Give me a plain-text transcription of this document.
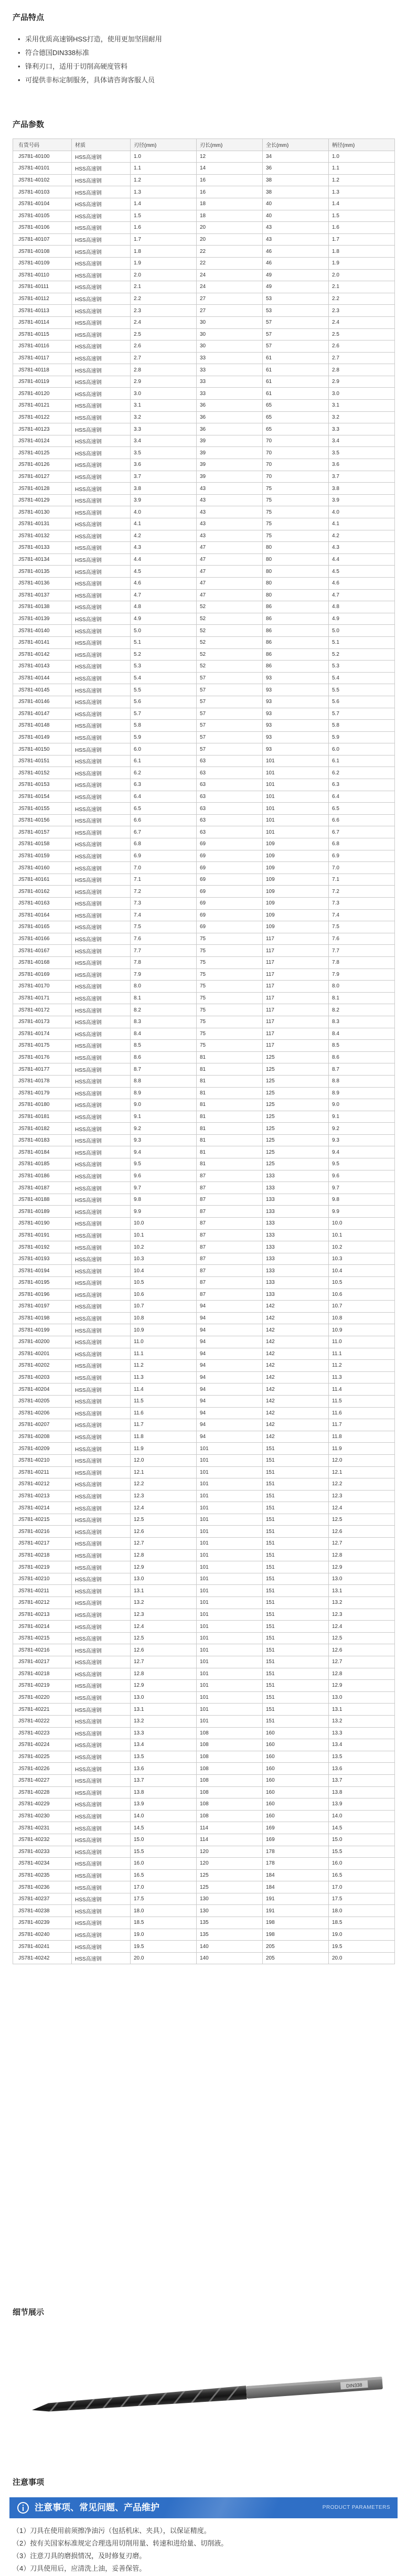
产品特点
• 采用优质高速钢HSS打造，使用更加坚固耐用
• 符合德国DIN338标准
• 锋利刃口，适用于切削高硬度管料
• 可提供非标定制服务，具体请咨询客服人员
产品参数
有货号码	材质	刃径(mm)	刃长(mm)	全长(mm)	柄径(mm)
JS781-40100	HSS高速钢	1.0	12	34	1.0
JS781-40101	HSS高速钢	1.1	14	36	1.1
JS781-40102	HSS高速钢	1.2	16	38	1.2
JS781-40103	HSS高速钢	1.3	16	38	1.3
JS781-40104	HSS高速钢	1.4	18	40	1.4
JS781-40105	HSS高速钢	1.5	18	40	1.5
JS781-40106	HSS高速钢	1.6	20	43	1.6
JS781-40107	HSS高速钢	1.7	20	43	1.7
JS781-40108	HSS高速钢	1.8	22	46	1.8
JS781-40109	HSS高速钢	1.9	22	46	1.9
JS781-40110	HSS高速钢	2.0	24	49	2.0
JS781-40111	HSS高速钢	2.1	24	49	2.1
JS781-40112	HSS高速钢	2.2	27	53	2.2
JS781-40113	HSS高速钢	2.3	27	53	2.3
JS781-40114	HSS高速钢	2.4	30	57	2.4
JS781-40115	HSS高速钢	2.5	30	57	2.5
JS781-40116	HSS高速钢	2.6	30	57	2.6
JS781-40117	HSS高速钢	2.7	33	61	2.7
JS781-40118	HSS高速钢	2.8	33	61	2.8
JS781-40119	HSS高速钢	2.9	33	61	2.9
JS781-40120	HSS高速钢	3.0	33	61	3.0
JS781-40121	HSS高速钢	3.1	36	65	3.1
JS781-40122	HSS高速钢	3.2	36	65	3.2
JS781-40123	HSS高速钢	3.3	36	65	3.3
JS781-40124	HSS高速钢	3.4	39	70	3.4
JS781-40125	HSS高速钢	3.5	39	70	3.5
JS781-40126	HSS高速钢	3.6	39	70	3.6
JS781-40127	HSS高速钢	3.7	39	70	3.7
JS781-40128	HSS高速钢	3.8	43	75	3.8
JS781-40129	HSS高速钢	3.9	43	75	3.9
JS781-40130	HSS高速钢	4.0	43	75	4.0
JS781-40131	HSS高速钢	4.1	43	75	4.1
JS781-40132	HSS高速钢	4.2	43	75	4.2
JS781-40133	HSS高速钢	4.3	47	80	4.3
JS781-40134	HSS高速钢	4.4	47	80	4.4
JS781-40135	HSS高速钢	4.5	47	80	4.5
JS781-40136	HSS高速钢	4.6	47	80	4.6
JS781-40137	HSS高速钢	4.7	47	80	4.7
JS781-40138	HSS高速钢	4.8	52	86	4.8
JS781-40139	HSS高速钢	4.9	52	86	4.9
JS781-40140	HSS高速钢	5.0	52	86	5.0
JS781-40141	HSS高速钢	5.1	52	86	5.1
JS781-40142	HSS高速钢	5.2	52	86	5.2
JS781-40143	HSS高速钢	5.3	52	86	5.3
JS781-40144	HSS高速钢	5.4	57	93	5.4
JS781-40145	HSS高速钢	5.5	57	93	5.5
JS781-40146	HSS高速钢	5.6	57	93	5.6
JS781-40147	HSS高速钢	5.7	57	93	5.7
JS781-40148	HSS高速钢	5.8	57	93	5.8
JS781-40149	HSS高速钢	5.9	57	93	5.9
JS781-40150	HSS高速钢	6.0	57	93	6.0
JS781-40151	HSS高速钢	6.1	63	101	6.1
JS781-40152	HSS高速钢	6.2	63	101	6.2
JS781-40153	HSS高速钢	6.3	63	101	6.3
JS781-40154	HSS高速钢	6.4	63	101	6.4
JS781-40155	HSS高速钢	6.5	63	101	6.5
JS781-40156	HSS高速钢	6.6	63	101	6.6
JS781-40157	HSS高速钢	6.7	63	101	6.7
JS781-40158	HSS高速钢	6.8	69	109	6.8
JS781-40159	HSS高速钢	6.9	69	109	6.9
JS781-40160	HSS高速钢	7.0	69	109	7.0
JS781-40161	HSS高速钢	7.1	69	109	7.1
JS781-40162	HSS高速钢	7.2	69	109	7.2
JS781-40163	HSS高速钢	7.3	69	109	7.3
JS781-40164	HSS高速钢	7.4	69	109	7.4
JS781-40165	HSS高速钢	7.5	69	109	7.5
JS781-40166	HSS高速钢	7.6	75	117	7.6
JS781-40167	HSS高速钢	7.7	75	117	7.7
JS781-40168	HSS高速钢	7.8	75	117	7.8
JS781-40169	HSS高速钢	7.9	75	117	7.9
JS781-40170	HSS高速钢	8.0	75	117	8.0
JS781-40171	HSS高速钢	8.1	75	117	8.1
JS781-40172	HSS高速钢	8.2	75	117	8.2
JS781-40173	HSS高速钢	8.3	75	117	8.3
JS781-40174	HSS高速钢	8.4	75	117	8.4
JS781-40175	HSS高速钢	8.5	75	117	8.5
JS781-40176	HSS高速钢	8.6	81	125	8.6
JS781-40177	HSS高速钢	8.7	81	125	8.7
JS781-40178	HSS高速钢	8.8	81	125	8.8
JS781-40179	HSS高速钢	8.9	81	125	8.9
JS781-40180	HSS高速钢	9.0	81	125	9.0
JS781-40181	HSS高速钢	9.1	81	125	9.1
JS781-40182	HSS高速钢	9.2	81	125	9.2
JS781-40183	HSS高速钢	9.3	81	125	9.3
JS781-40184	HSS高速钢	9.4	81	125	9.4
JS781-40185	HSS高速钢	9.5	81	125	9.5
JS781-40186	HSS高速钢	9.6	87	133	9.6
JS781-40187	HSS高速钢	9.7	87	133	9.7
JS781-40188	HSS高速钢	9.8	87	133	9.8
JS781-40189	HSS高速钢	9.9	87	133	9.9
JS781-40190	HSS高速钢	10.0	87	133	10.0
JS781-40191	HSS高速钢	10.1	87	133	10.1
JS781-40192	HSS高速钢	10.2	87	133	10.2
JS781-40193	HSS高速钢	10.3	87	133	10.3
JS781-40194	HSS高速钢	10.4	87	133	10.4
JS781-40195	HSS高速钢	10.5	87	133	10.5
JS781-40196	HSS高速钢	10.6	87	133	10.6
JS781-40197	HSS高速钢	10.7	94	142	10.7
JS781-40198	HSS高速钢	10.8	94	142	10.8
JS781-40199	HSS高速钢	10.9	94	142	10.9
JS781-40200	HSS高速钢	11.0	94	142	11.0
JS781-40201	HSS高速钢	11.1	94	142	11.1
JS781-40202	HSS高速钢	11.2	94	142	11.2
JS781-40203	HSS高速钢	11.3	94	142	11.3
JS781-40204	HSS高速钢	11.4	94	142	11.4
JS781-40205	HSS高速钢	11.5	94	142	11.5
JS781-40206	HSS高速钢	11.6	94	142	11.6
JS781-40207	HSS高速钢	11.7	94	142	11.7
JS781-40208	HSS高速钢	11.8	94	142	11.8
JS781-40209	HSS高速钢	11.9	101	151	11.9
JS781-40210	HSS高速钢	12.0	101	151	12.0
JS781-40211	HSS高速钢	12.1	101	151	12.1
JS781-40212	HSS高速钢	12.2	101	151	12.2
JS781-40213	HSS高速钢	12.3	101	151	12.3
JS781-40214	HSS高速钢	12.4	101	151	12.4
JS781-40215	HSS高速钢	12.5	101	151	12.5
JS781-40216	HSS高速钢	12.6	101	151	12.6
JS781-40217	HSS高速钢	12.7	101	151	12.7
JS781-40218	HSS高速钢	12.8	101	151	12.8
JS781-40219	HSS高速钢	12.9	101	151	12.9
JS781-40210	HSS高速钢	13.0	101	151	13.0
JS781-40211	HSS高速钢	13.1	101	151	13.1
JS781-40212	HSS高速钢	13.2	101	151	13.2
JS781-40213	HSS高速钢	12.3	101	151	12.3
JS781-40214	HSS高速钢	12.4	101	151	12.4
JS781-40215	HSS高速钢	12.5	101	151	12.5
JS781-40216	HSS高速钢	12.6	101	151	12.6
JS781-40217	HSS高速钢	12.7	101	151	12.7
JS781-40218	HSS高速钢	12.8	101	151	12.8
JS781-40219	HSS高速钢	12.9	101	151	12.9
JS781-40220	HSS高速钢	13.0	101	151	13.0
JS781-40221	HSS高速钢	13.1	101	151	13.1
JS781-40222	HSS高速钢	13.2	101	151	13.2
JS781-40223	HSS高速钢	13.3	108	160	13.3
JS781-40224	HSS高速钢	13.4	108	160	13.4
JS781-40225	HSS高速钢	13.5	108	160	13.5
JS781-40226	HSS高速钢	13.6	108	160	13.6
JS781-40227	HSS高速钢	13.7	108	160	13.7
JS781-40228	HSS高速钢	13.8	108	160	13.8
JS781-40229	HSS高速钢	13.9	108	160	13.9
JS781-40230	HSS高速钢	14.0	108	160	14.0
JS781-40231	HSS高速钢	14.5	114	169	14.5
JS781-40232	HSS高速钢	15.0	114	169	15.0
JS781-40233	HSS高速钢	15.5	120	178	15.5
JS781-40234	HSS高速钢	16.0	120	178	16.0
JS781-40235	HSS高速钢	16.5	125	184	16.5
JS781-40236	HSS高速钢	17.0	125	184	17.0
JS781-40237	HSS高速钢	17.5	130	191	17.5
JS781-40238	HSS高速钢	18.0	130	191	18.0
JS781-40239	HSS高速钢	18.5	135	198	18.5
JS781-40240	HSS高速钢	19.0	135	198	19.0
JS781-40241	HSS高速钢	19.5	140	205	19.5
JS781-40242	HSS高速钢	20.0	140	205	20.0
细节展示
DIN338
注意事项
注意事项、常见问题、产品维护	PRODUCT PARAMETERS
（1）刀具在使用前须擦净油污（包括机床、夹具），以保证精度。
（2）按有关国家标准规定合理选用切削用量、转速和进给量、切削液。
（3）注意刀具的磨损情况，及时修复刃磨。
（4）刀具使用后，应清洗上油，妥善保管。
